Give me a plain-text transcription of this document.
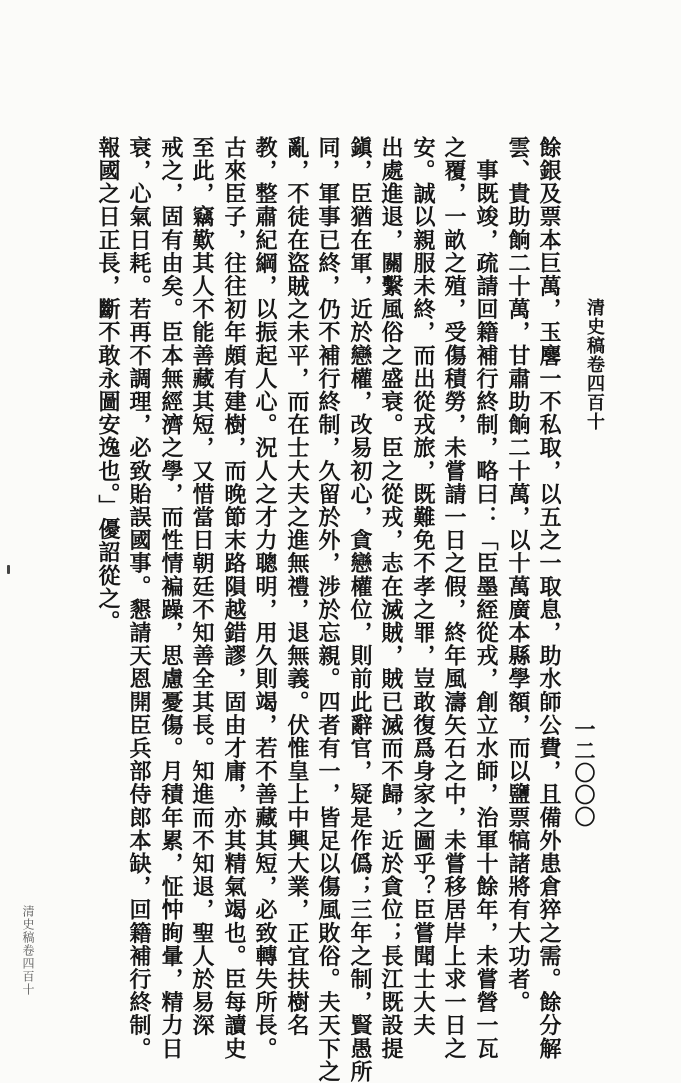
清史稿卷四百十
一二〇〇〇
餘銀及票本巨萬，玉麐一不私取，以五之一取息，助水師公費，且備外患倉猝之需。餘分解
雲、貴助餉二十萬，甘肅助餉二十萬，以十萬廣本縣學額，而以鹽票犒諸將有大功者。
　事既竣，疏請回籍補行終制，略曰：「臣墨絰從戎，創立水師，治軍十餘年，未嘗營一瓦
之覆，一畝之殖，受傷積勞，未嘗請一日之假，終年風濤矢石之中，未嘗移居岸上求一日之
安。誠以親服未終，而出從戎旅，既難免不孝之罪，豈敢復爲身家之圖乎？臣嘗聞士大夫
出處進退，關繫風俗之盛衰。臣之從戎，志在滅賊，賊已滅而不歸，近於貪位；長江既設提
鎭，臣猶在軍，近於戀權，改易初心，貪戀權位，則前此辭官，疑是作僞；三年之制，賢愚所
同，軍事已終，仍不補行終制，久留於外，涉於忘親。四者有一，皆足以傷風敗俗。夫天下之
亂，不徒在盜賊之未平，而在士大夫之進無禮，退無義。伏惟皇上中興大業，正宜扶樹名
教，整肅紀綱，以振起人心。況人之才力聰明，用久則竭，若不善藏其短，必致轉失所長。
古來臣子，往往初年頗有建樹，而晚節末路隕越錯謬，固由才庸，亦其精氣竭也。臣每讀史
至此，竊歎其人不能善藏其短，又惜當日朝廷不知善全其長。知進而不知退，聖人於易深
戒之，固有由矣。臣本無經濟之學，而性情褊躁，思慮憂傷。月積年累，怔忡眴暈，精力日
衰，心氣日耗。若再不調理，必致貽誤國事。懇請天恩開臣兵部侍郎本缺，回籍補行終制。
報國之日正長，斷不敢永圖安逸也。」優詔從之。
清史稿卷四百十
